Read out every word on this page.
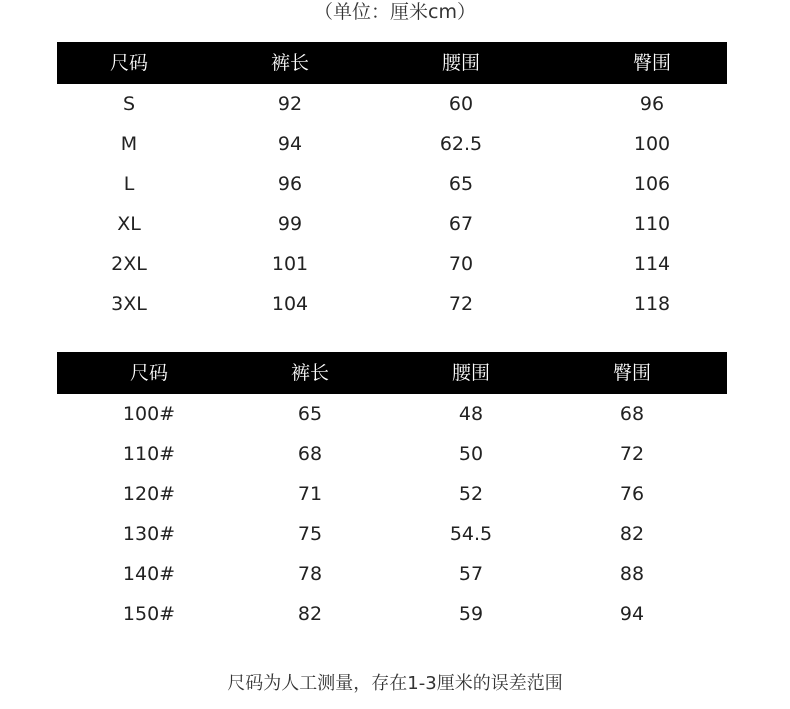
（单位：厘米cm）
尺码	裤长	腰围	臀围
S	92	60	96
M	94	62.5	100
L	96	65	106
XL	99	67	110
2XL	101	70	114
3XL	104	72	118
尺码	裤长	腰围	臀围
100#	65	48	68
110#	68	50	72
120#	71	52	76
130#	75	54.5	82
140#	78	57	88
150#	82	59	94
尺码为人工测量，存在1-3厘米的误差范围
